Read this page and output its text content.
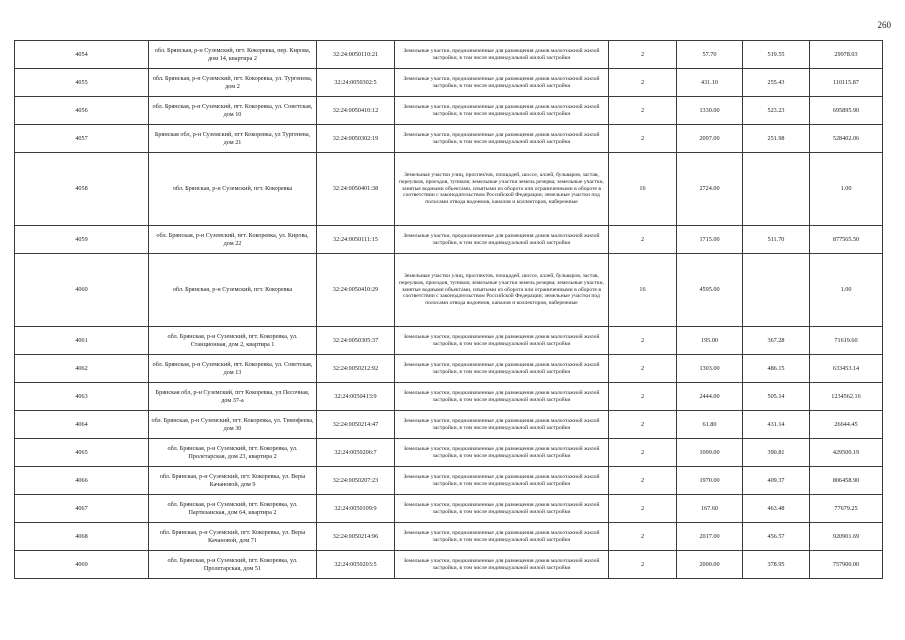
260
4054	обл. Брянская, р-н Суземский, пгт. Кокоревка, пер. Кирова, дом 14, квартира 2	32:24:0050110:21	Земельные участки, предназначенные для размещения домов малоэтажной жилой застройки, в том числе индивидуальной жилой застройки	2	57.70	519.55	29978.03
4055	обл. Брянская, р-н Суземский, пгт. Кокоревка, ул. Тургенева, дом 2	32:24:0050302:5	Земельные участки, предназначенные для размещения домов малоэтажной жилой застройки, в том числе индивидуальной жилой застройки	2	431.10	255.43	110115.87
4056	обл. Брянская, р-н Суземский, пгт. Кокоревка, ул. Советская, дом 10	32:24:0050410:12	Земельные участки, предназначенные для размещения домов малоэтажной жилой застройки, в том числе индивидуальной жилой застройки	2	1330.00	523.23	695895.90
4057	Брянская обл, р-н Суземский, пгт Кокоревка, ул Тургенева, дом 21	32:24:0050302:19	Земельные участки, предназначенные для размещения домов малоэтажной жилой застройки, в том числе индивидуальной жилой застройки	2	2097.00	251.98	528402.06
4058	обл. Брянская, р-н Суземский, пгт. Кокоревка	32:24:0050401:38	Земельные участки улиц, проспектов, площадей, шоссе, аллей, бульваров, застав, переулков, проездов, тупиков; земельные участки земель резерва; земельные участки, занятые водными объектами, изъятыми из оборота или ограниченными в обороте в соответствии с законодательством Российской Федерации; земельные участки под полосами отвода водоемов, каналов и коллекторов, набережные	16	2724.00		1.00
4059	обл. Брянская, р-н Суземский, пгт. Кокоревка, ул. Кирова, дом 22	32:24:0050111:15	Земельные участки, предназначенные для размещения домов малоэтажной жилой застройки, в том числе индивидуальной жилой застройки	2	1715.00	511.70	877565.50
4060	обл. Брянская, р-н Суземский, пгт. Кокоревка	32:24:0050410:29	Земельные участки улиц, проспектов, площадей, шоссе, аллей, бульваров, застав, переулков, проездов, тупиков; земельные участки земель резерва; земельные участки, занятые водными объектами, изъятыми из оборота или ограниченными в обороте в соответствии с законодательством Российской Федерации; земельные участки под полосами отвода водоемов, каналов и коллекторов, набережные	16	4595.00		1.00
4061	обл. Брянская, р-н Суземский, пгт. Кокоревка, ул. Станционная, дом 2, квартира 1	32:24:0050305:37	Земельные участки, предназначенные для размещения домов малоэтажной жилой застройки, в том числе индивидуальной жилой застройки	2	195.00	367.28	71619.60
4062	обл. Брянская, р-н Суземский, пгт. Кокоревка, ул. Советская, дом 13	32:24:0050212:92	Земельные участки, предназначенные для размещения домов малоэтажной жилой застройки, в том числе индивидуальной жилой застройки	2	1303.00	486.15	633453.14
4063	Брянская обл, р-н Суземский, пгт Кокоревка, ул Песочная, дом 37-а	32:24:0050413:9	Земельные участки, предназначенные для размещения домов малоэтажной жилой застройки, в том числе индивидуальной жилой застройки	2	2444.00	505.14	1234562.16
4064	обл. Брянская, р-н Суземский, пгт. Кокоревка, ул. Тимофеева, дом 30	32:24:0050214:47	Земельные участки, предназначенные для размещения домов малоэтажной жилой застройки, в том числе индивидуальной жилой застройки	2	61.80	431.14	26644.45
4065	обл. Брянская, р-н Суземский, пгт. Кокоревка, ул. Пролетарская, дом 23, квартира 2	32:24:0050206:7	Земельные участки, предназначенные для размещения домов малоэтажной жилой застройки, в том числе индивидуальной жилой застройки	2	1099.00	390.81	429500.19
4066	обл. Брянская, р-н Суземский, пгт. Кокоревка, ул. Веры Качановой, дом 9	32:24:0050207:23	Земельные участки, предназначенные для размещения домов малоэтажной жилой застройки, в том числе индивидуальной жилой застройки	2	1970.00	409.37	806458.90
4067	обл. Брянская, р-н Суземский, пгт. Кокоревка, ул. Партизанская, дом 64, квартира 2	32:24:0050109:9	Земельные участки, предназначенные для размещения домов малоэтажной жилой застройки, в том числе индивидуальной жилой застройки	2	167.60	463.48	77679.25
4068	обл. Брянская, р-н Суземский, пгт. Кокоревка, ул. Веры Качановой, дом 71	32:24:0050214:96	Земельные участки, предназначенные для размещения домов малоэтажной жилой застройки, в том числе индивидуальной жилой застройки	2	2017.00	456.57	920901.69
4069	обл. Брянская, р-н Суземский, пгт. Кокоревка, ул. Пролетарская, дом 51	32:24:0050203:5	Земельные участки, предназначенные для размещения домов малоэтажной жилой застройки, в том числе индивидуальной жилой застройки	2	2000.00	378.95	757900.00
